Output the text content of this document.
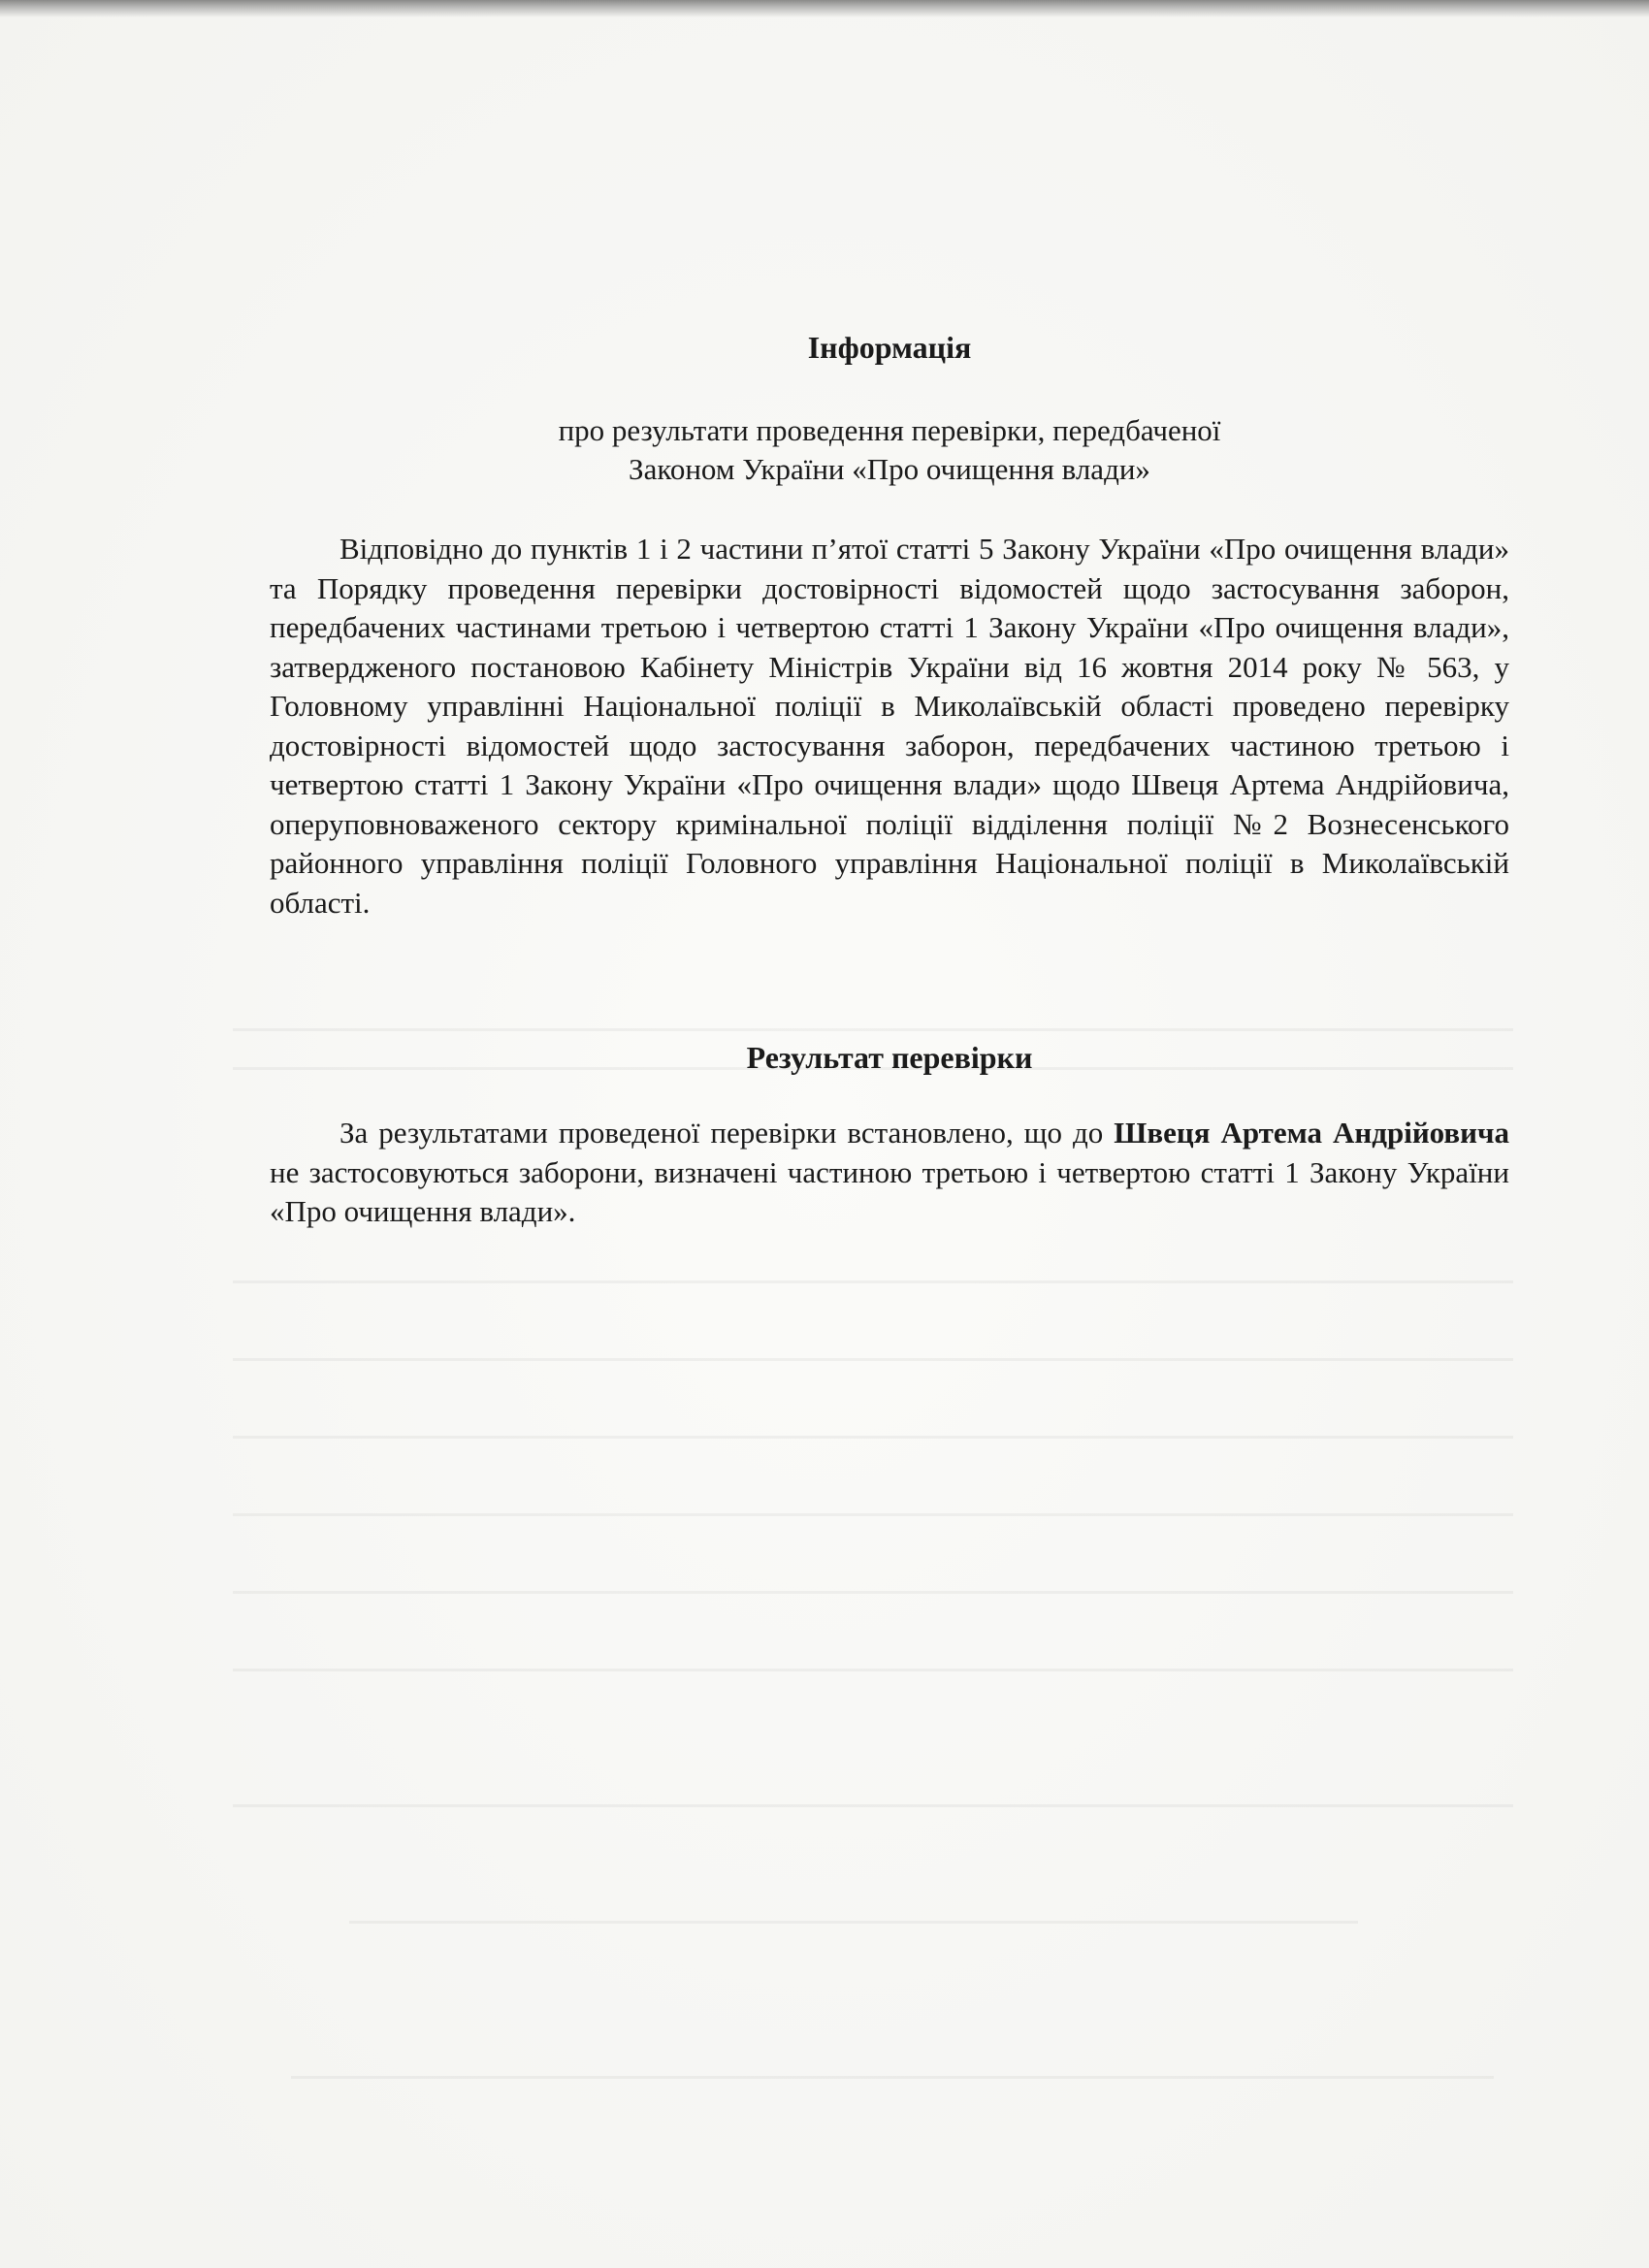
Інформація
про результати проведення перевірки, передбаченої
Законом України «Про очищення влади»
Відповідно до пунктів 1 і 2 частини п’ятої статті 5 Закону України «Про очищення влади» та Порядку проведення перевірки достовірності відомостей щодо застосування заборон, передбачених частинами третьою і четвертою статті 1 Закону України «Про очищення влади», затвердженого постановою Кабінету Міністрів України від 16 жовтня 2014 року № 563, у Головному управлінні Національної поліції в Миколаївській області проведено перевірку достовірності відомостей щодо застосування заборон, передбачених частиною третьою і четвертою статті 1 Закону України «Про очищення влади» щодо Швеця Артема Андрійовича, оперуповноваженого сектору кримінальної поліції відділення поліції №2 Вознесенського районного управління поліції Головного управління Національної поліції в Миколаївській області.
Результат перевірки
За результатами проведеної перевірки встановлено, що до Швеця Артема Андрійовича не застосовуються заборони, визначені частиною третьою і четвертою статті 1 Закону України «Про очищення влади».
